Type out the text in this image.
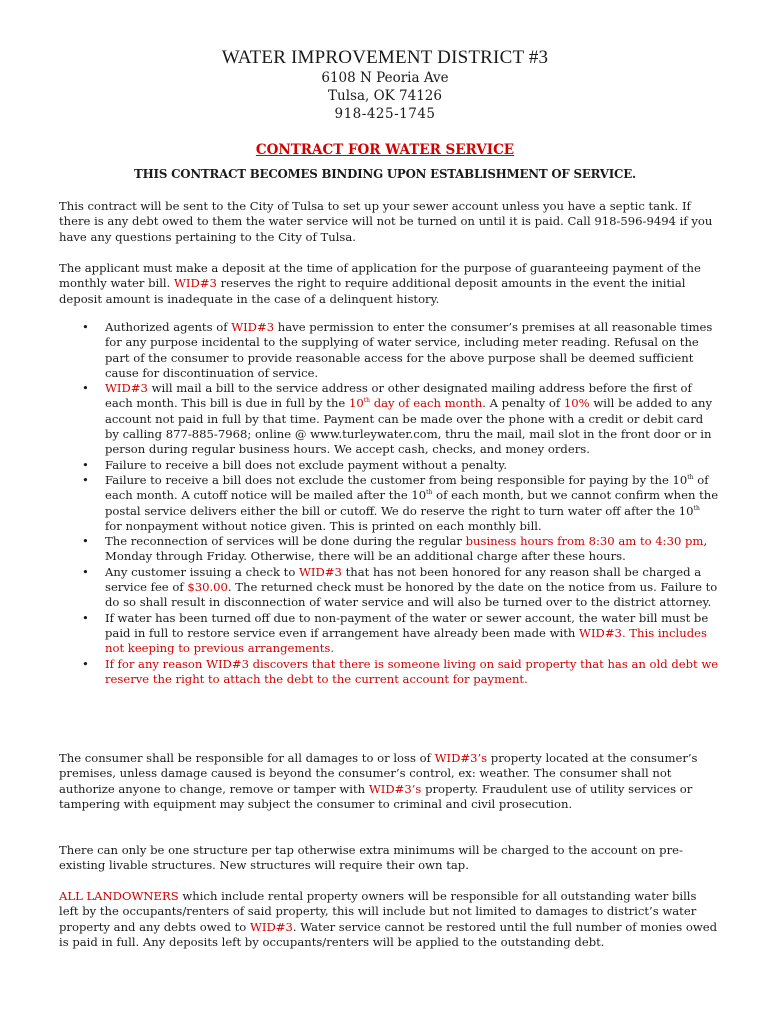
WATER IMPROVEMENT DISTRICT #3
6108 N Peoria Ave
Tulsa, OK 74126
918-425-1745
CONTRACT FOR WATER SERVICE
THIS CONTRACT BECOMES BINDING UPON ESTABLISHMENT OF SERVICE.

This contract will be sent to the City of Tulsa to set up your sewer account unless you have a septic tank. If there is any debt owed to them the water service will not be turned on until it is paid. Call 918-596-9494 if you have any questions pertaining to the City of Tulsa.

The applicant must make a deposit at the time of application for the purpose of guaranteeing payment of the monthly water bill. WID#3 reserves the right to require additional deposit amounts in the event the initial deposit amount is inadequate in the case of a delinquent history.

• Authorized agents of WID#3 have permission to enter the consumer’s premises at all reasonable times for any purpose incidental to the supplying of water service, including meter reading. Refusal on the part of the consumer to provide reasonable access for the above purpose shall be deemed sufficient cause for discontinuation of service.
• WID#3 will mail a bill to the service address or other designated mailing address before the first of each month. This bill is due in full by the 10th day of each month. A penalty of 10% will be added to any account not paid in full by that time. Payment can be made over the phone with a credit or debit card by calling 877-885-7968; online @ www.turleywater.com, thru the mail, mail slot in the front door or in person during regular business hours. We accept cash, checks, and money orders.
• Failure to receive a bill does not exclude payment without a penalty.
• Failure to receive a bill does not exclude the customer from being responsible for paying by the 10th of each month. A cutoff notice will be mailed after the 10th of each month, but we cannot confirm when the postal service delivers either the bill or cutoff. We do reserve the right to turn water off after the 10th for nonpayment without notice given. This is printed on each monthly bill.
• The reconnection of services will be done during the regular business hours from 8:30 am to 4:30 pm, Monday through Friday. Otherwise, there will be an additional charge after these hours.
• Any customer issuing a check to WID#3 that has not been honored for any reason shall be charged a service fee of $30.00. The returned check must be honored by the date on the notice from us. Failure to do so shall result in disconnection of water service and will also be turned over to the district attorney.
• If water has been turned off due to non-payment of the water or sewer account, the water bill must be paid in full to restore service even if arrangement have already been made with WID#3. This includes not keeping to previous arrangements.
• If for any reason WID#3 discovers that there is someone living on said property that has an old debt we reserve the right to attach the debt to the current account for payment.

The consumer shall be responsible for all damages to or loss of WID#3’s property located at the consumer’s premises, unless damage caused is beyond the consumer’s control, ex: weather. The consumer shall not authorize anyone to change, remove or tamper with WID#3’s property. Fraudulent use of utility services or tampering with equipment may subject the consumer to criminal and civil prosecution.

There can only be one structure per tap otherwise extra minimums will be charged to the account on pre- existing livable structures. New structures will require their own tap.

ALL LANDOWNERS which include rental property owners will be responsible for all outstanding water bills left by the occupants/renters of said property, this will include but not limited to damages to district’s water property and any debts owed to WID#3. Water service cannot be restored until the full number of monies owed is paid in full. Any deposits left by occupants/renters will be applied to the outstanding debt.
